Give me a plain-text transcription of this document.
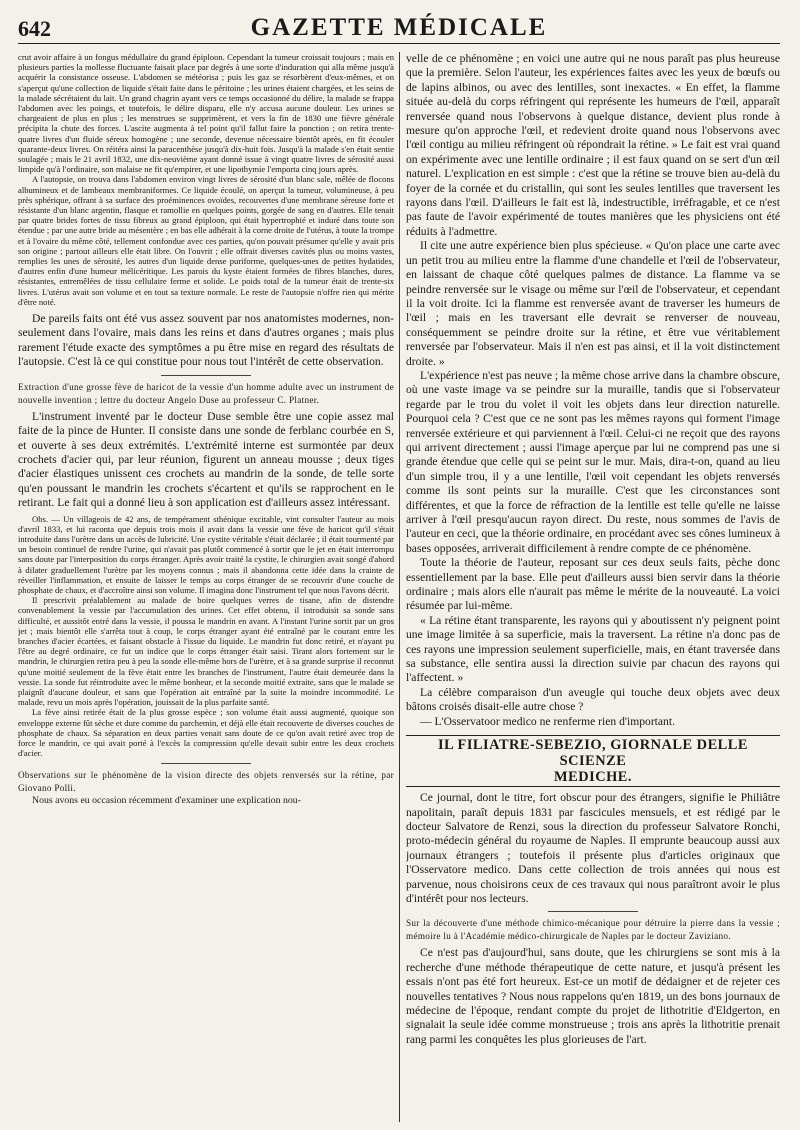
642	GAZETTE MÉDICALE

crut avoir affaire à un fongus médullaire du grand épiploon. Cependant la tumeur croissait toujours ; mais en plusieurs parties la mollesse fluctuante faisait place par degrés à une sorte d'induration qui alla même jusqu'à acquérir la consistance osseuse. L'abdomen se météorisa ; puis les gaz se résorbèrent d'eux-mêmes, et on s'aperçut qu'une collection de liquide s'était faite dans le péritoine ; les urines étaient chargées, et les seins de la malade sécrétaient du lait. Un grand chagrin ayant vers ce temps occasionné du délire, la malade se frappa l'abdomen avec les poings, et toutefois, le délire disparu, elle n'y accusa aucune douleur. Les urines se chargeaient de plus en plus ; les menstrues se supprimèrent, et vers la fin de 1830 une fièvre générale précipita la chute des forces. L'ascite augmenta à tel point qu'il fallut faire la ponction ; on retira trente-quatre livres d'un fluide séreux homogène ; une seconde, devenue nécessaire bientôt après, en fit écouler quarante-deux livres. On réitéra ainsi la paracenthèse jusqu'à dix-huit fois. Jusqu'à la malade s'en était sentie soulagée ; mais le 21 avril 1832, une dix-neuvième ayant donné issue à vingt quatre livres de sérosité aussi limpide qu'à l'ordinaire, son malaise ne fit qu'empirer, et une lipothymie l'emporta cinq jours après.

A l'autopsie, on trouva dans l'abdomen environ vingt livres de sérosité d'un blanc sale, mêlée de flocons albumineux et de lambeaux membraniformes. Ce liquide écoulé, on aperçut la tumeur, volumineuse, à peu près sphérique, offrant à sa surface des proéminences ovoïdes, recouvertes d'une membrane séreuse forte et résistante d'un blanc argentin, flasque et ramollie en quelques points, gorgée de sang en d'autres. Elle tenait par quatre brides fortes de tissu fibreux au grand épiploon, qui était hypertrophié et induré dans toute son étendue ; par une autre bride au mésentère ; en bas elle adhérait à la corne droite de l'utérus, à toute la trompe et à l'ovaire du même côté, tellement confondue avec ces parties, qu'on pouvait présumer qu'elle y avait pris son origine ; partout ailleurs elle était libre. On l'ouvrit ; elle offrait diverses cavités plus ou moins vastes, remplies les unes de sérosité, les autres d'un liquide dense puriforme, quelques-unes de petites hydatides, d'autres enfin d'une humeur mélicéritique. Les parois du kyste étaient formées de fibres blanches, dures, résistantes, entremêlées de tissu cellulaire ferme et solide. Le poids total de la tumeur était de trente-six livres. L'utérus avait son volume et en tout sa texture normale. Le reste de l'autopsie n'offre rien qui mérite d'être noté.

De pareils faits ont été vus assez souvent par nos anatomistes modernes, non-seulement dans l'ovaire, mais dans les reins et dans d'autres organes ; mais plus rarement l'étude exacte des symptômes a pu être mise en regard des résultats de l'autopsie. C'est là ce qui constitue pour nous tout l'intérêt de cette observation.

Extraction d'une grosse fève de haricot de la vessie d'un homme adulte avec un instrument de nouvelle invention ; lettre du docteur Angelo Duse au professeur C. Platner.

L'instrument inventé par le docteur Duse semble être une copie assez mal faite de la pince de Hunter. Il consiste dans une sonde de ferblanc courbée en S, et ouverte à ses deux extrémités. L'extrémité interne est surmontée par deux crochets d'acier qui, par leur réunion, figurent un anneau mousse ; deux tiges d'acier élastiques unissent ces crochets au mandrin de la sonde, de telle sorte qu'en poussant le mandrin les crochets s'écartent et qu'ils se rapprochent en le retirant. Le fait qui a donné lieu à son application est d'ailleurs assez intéressant.

Obs. — Un villageois de 42 ans, de tempérament sthénique excitable, vint consulter l'auteur au mois d'avril 1833, et lui raconta que depuis trois mois il avait dans la vessie une fève de haricot qu'il s'était introduite dans l'urètre dans un accès de lubricité. Une cystite véritable s'était déclarée ; il était tourmenté par un besoin continuel de rendre l'urine, qui n'avait pas plutôt commencé à sortir que le jet en était interrompu sans doute par l'interposition du corps étranger. Après avoir traité la cystite, le chirurgien avait songé d'abord à dilater graduellement l'urètre par les moyens connus ; mais il abandonna cette idée dans la crainte de réveiller l'inflammation, et ensuite de laisser le temps au corps étranger de se recouvrir d'une couche de phosphate de chaux, et d'accroître ainsi son volume. Il imagina donc l'instrument tel que nous l'avons décrit.

Il prescrivit préalablement au malade de boire quelques verres de tisane, afin de distendre convenablement la vessie par l'accumulation des urines. Cet effet obtenu, il introduisit sa sonde sans difficulté, et aussitôt entré dans la vessie, il poussa le mandrin en avant. A l'instant l'urine sortit par un gros jet ; mais bientôt elle s'arrêta tout à coup, le corps étranger ayant été entraîné par le courant entre les branches d'acier écartées, et faisant obstacle à l'issue du liquide. Le mandrin fut donc retiré, et n'ayant pu l'être au degré ordinaire, ce fut un indice que le corps étranger était saisi. Tirant alors fortement sur le mandrin, le chirurgien retira peu à peu la sonde elle-même hors de l'urètre, et à sa grande surprise il reconnut qu'une moitié seulement de la fève était entre les branches de l'instrument, l'autre était demeurée dans la vessie. La sonde fut réintroduite avec le même bonheur, et la seconde moitié extraite, sans que le malade se plaignît d'aucune douleur, et sans que l'opération ait entraîné par la suite la moindre incommodité. Le malade, revu un mois après l'opération, jouissait de la plus parfaite santé.

La fève ainsi retirée était de la plus grosse espèce ; son volume était aussi augmenté, quoique son enveloppe externe fût sèche et dure comme du parchemin, et déjà elle était recouverte de diverses couches de phosphate de chaux. Sa séparation en deux parties venait sans doute de ce qu'on avait retiré avec trop de force le mandrin, ce qui avait porté à l'excès la compression qu'elle devait subir entre les deux crochets d'acier.

Observations sur le phénomène de la vision directe des objets renversés sur la rétine, par Giovano Polli.

Nous avons eu occasion récemment d'examiner une explication nou-

velle de ce phénomène ; en voici une autre qui ne nous paraît pas plus heureuse que la première. Selon l'auteur, les expériences faites avec les yeux de bœufs ou de lapins albinos, ou avec des lentilles, sont inexactes. « En effet, la flamme située au-delà du corps réfringent qui représente les humeurs de l'œil, apparaît renversée quand nous l'observons à quelque distance, devient plus ronde à mesure qu'on approche l'œil, et redevient droite quand nous l'observons avec l'œil contigu au milieu réfringent où répondrait la rétine. » Le fait est vrai quand on expérimente avec une lentille ordinaire ; il est faux quand on se sert d'un œil naturel. L'explication en est simple : c'est que la rétine se trouve bien au-delà du foyer de la cornée et du cristallin, qui sont les seules lentilles que traversent les rayons dans l'œil. D'ailleurs le fait est là, indestructible, irréfragable, et ce n'est pas faute de l'avoir expérimenté de toutes manières que les physiciens ont été réduits à l'admettre.

Il cite une autre expérience bien plus spécieuse. « Qu'on place une carte avec un petit trou au milieu entre la flamme d'une chandelle et l'œil de l'observateur, en laissant de chaque côté quelques palmes de distance. La flamme va se peindre renversée sur le visage ou même sur l'œil de l'observateur, et cependant il la voit droite. Ici la flamme est renversée avant de traverser les humeurs de l'œil ; mais en les traversant elle devrait se renverser de nouveau, conséquemment se peindre droite sur la rétine, et être vue véritablement renversée par l'observateur. Mais il n'en est pas ainsi, et il la voit distinctement droite. »

L'expérience n'est pas neuve ; la même chose arrive dans la chambre obscure, où une vaste image va se peindre sur la muraille, tandis que si l'observateur regarde par le trou du volet il voit les objets dans leur direction naturelle. Pourquoi cela ? C'est que ce ne sont pas les mêmes rayons qui forment l'image renversée extérieure et qui parviennent à l'œil. Celui-ci ne reçoit que des rayons qui arrivent directement ; aussi l'image aperçue par lui ne comprend pas une si grande étendue que celle qui se peint sur le mur. Mais, dira-t-on, quand au lieu d'un simple trou, il y a une lentille, l'œil voit cependant les objets renversés comme ils sont peints sur la muraille. C'est que les circonstances sont différentes, et que la force de réfraction de la lentille est telle qu'elle ne laisse arriver à l'œil presqu'aucun rayon direct. Du reste, nous sommes de l'avis de l'auteur en ceci, que la théorie ordinaire, en procédant avec ses cônes lumineux à bases opposées, arriverait difficilement à rendre compte de ce phénomène.

Toute la théorie de l'auteur, reposant sur ces deux seuls faits, pèche donc essentiellement par la base. Elle peut d'ailleurs aussi bien servir dans la théorie ordinaire ; mais alors elle n'aurait pas même le mérite de la nouveauté. La voici résumée par lui-même.

« La rétine étant transparente, les rayons qui y aboutissent n'y peignent point une image limitée à sa superficie, mais la traversent. La rétine n'a donc pas de ces rayons une impression seulement superficielle, mais, en étant traversée dans sa substance, elle sentira aussi la direction suivie par chacun des rayons qui l'affectent. »

La célèbre comparaison d'un aveugle qui touche deux objets avec deux bâtons croisés disait-elle autre chose ?

— L'Osservatoor medico ne renferme rien d'important.

IL FILIATRE-SEBEZIO, GIORNALE DELLE SCIENZE
MEDICHE.

Ce journal, dont le titre, fort obscur pour des étrangers, signifie le Philiâtre napolitain, paraît depuis 1831 par fascicules mensuels, et est rédigé par le docteur Salvatore de Renzi, sous la direction du professeur Salvatore Ronchi, proto-médecin général du royaume de Naples. Il emprunte beaucoup aussi aux journaux étrangers ; toutefois il présente plus d'articles originaux que l'Osservatore medico. Dans cette collection de trois années qui nous est parvenue, nous choisirons ceux de ces travaux qui nous paraîtront avoir le plus d'intérêt pour nos lecteurs.

Sur la découverte d'une méthode chimico-mécanique pour détruire la pierre dans la vessie ; mémoire lu à l'Académie médico-chirurgicale de Naples par le docteur Zaviziano.

Ce n'est pas d'aujourd'hui, sans doute, que les chirurgiens se sont mis à la recherche d'une méthode thérapeutique de cette nature, et jusqu'à présent les essais n'ont pas été fort heureux. Est-ce un motif de dédaigner et de rejeter ces nouvelles tentatives ? Nous nous rappelons qu'en 1819, un des bons journaux de médecine de l'époque, rendant compte du projet de lithotritie d'Eldgerton, en signalait la seule idée comme monstrueuse ; trois ans après la lithotritie prenait rang parmi les conquêtes les plus glorieuses de l'art.
